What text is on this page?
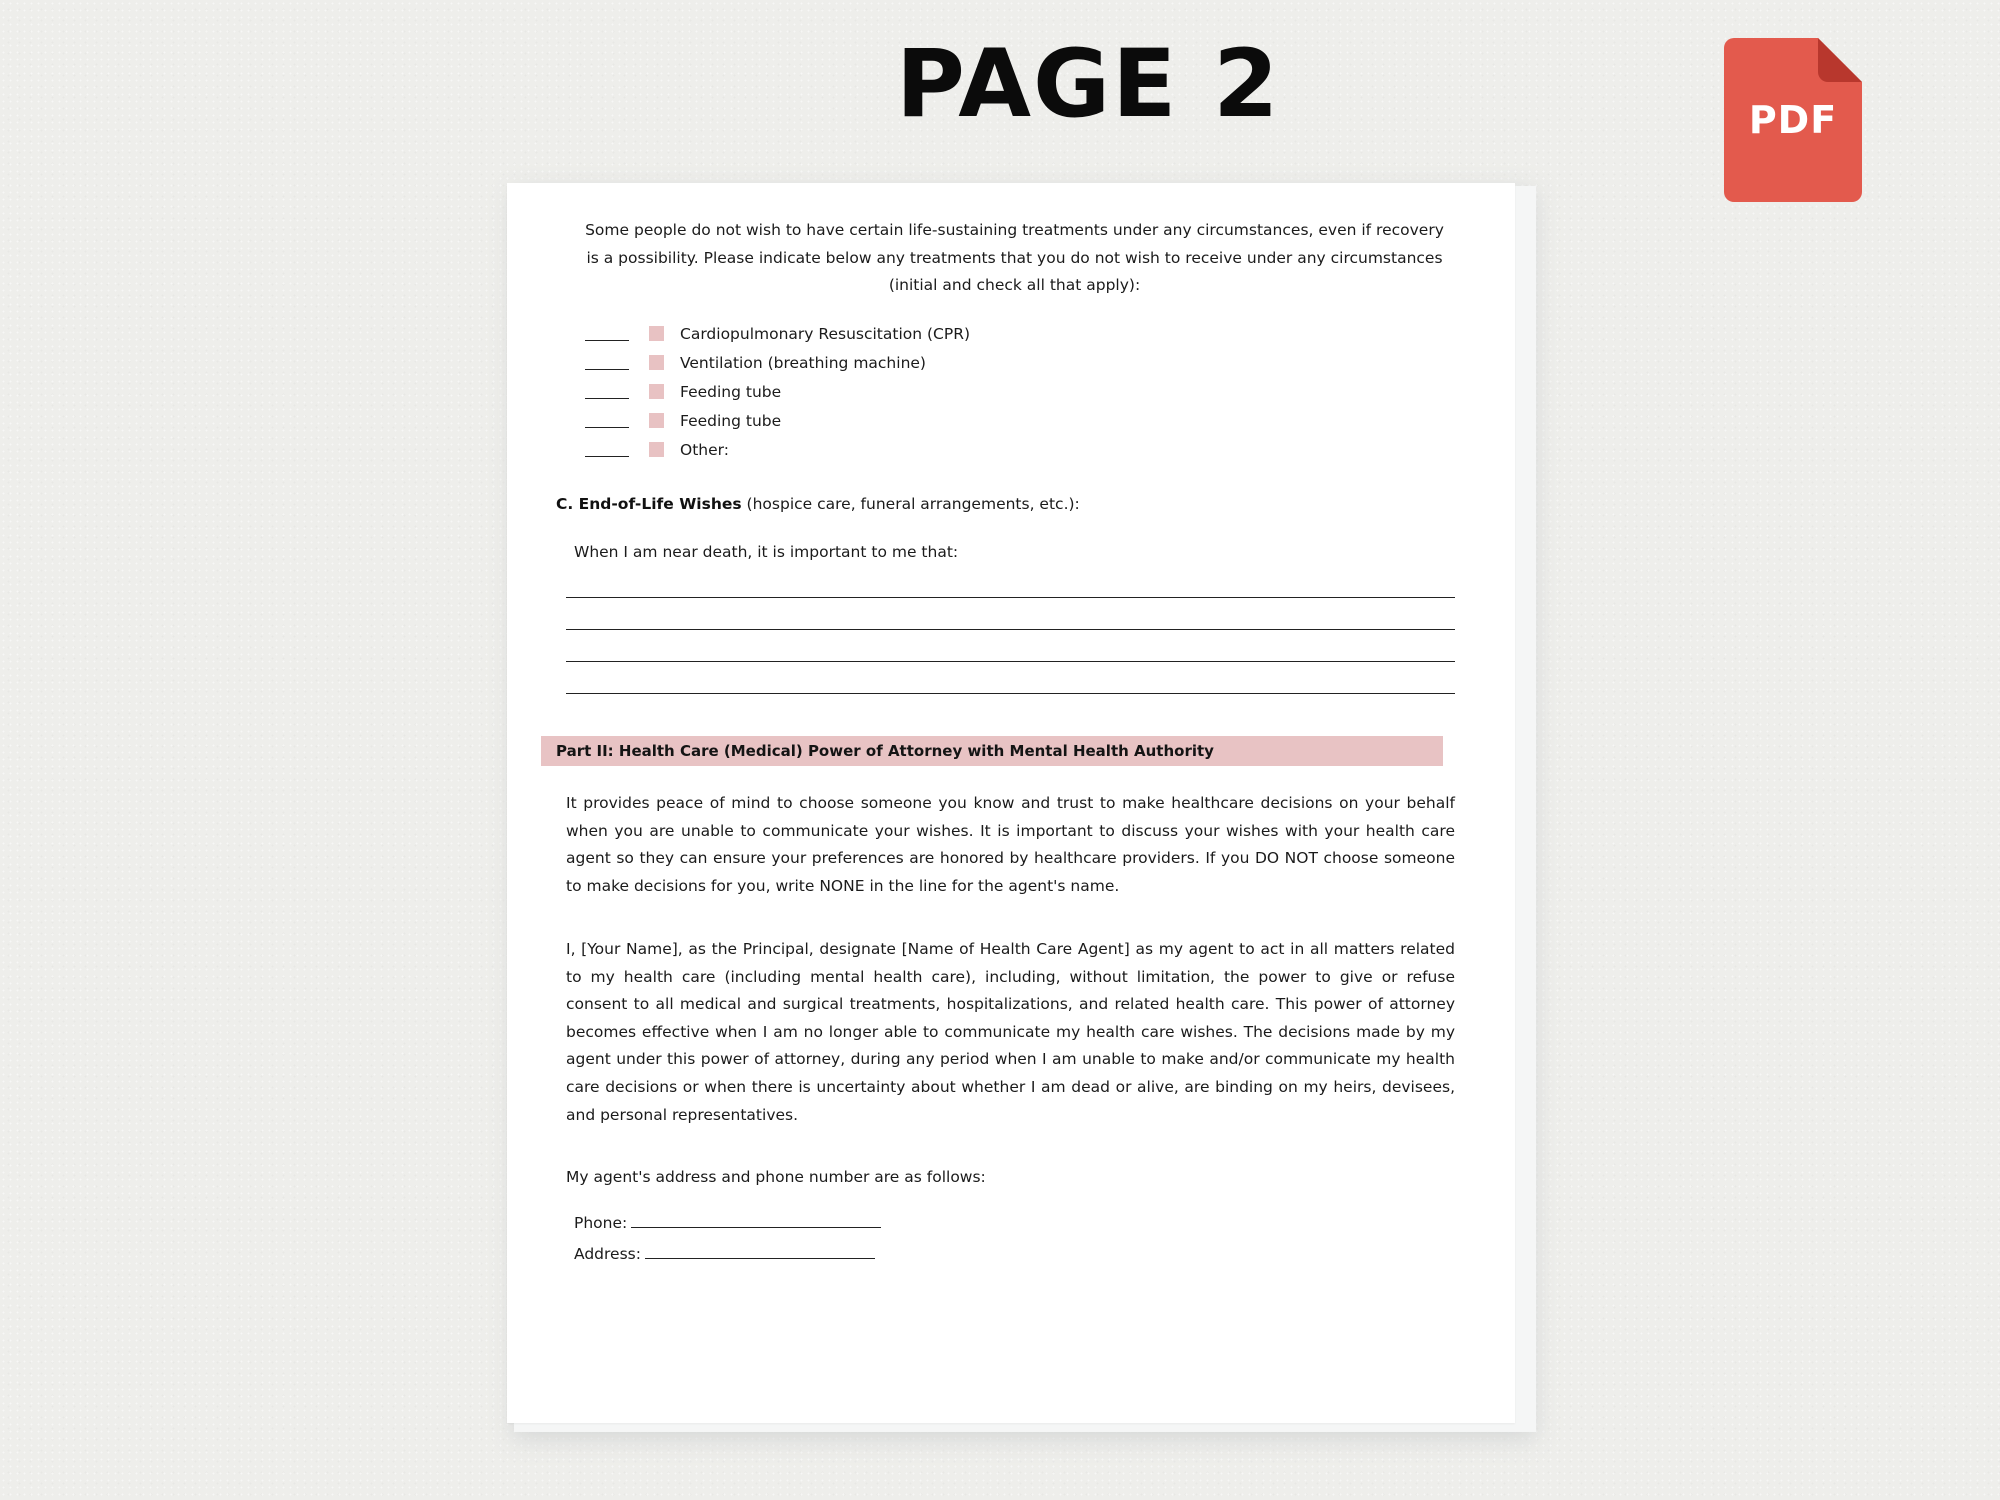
PAGE 2	PDF
Some people do not wish to have certain life-sustaining treatments under any circumstances, even if recovery is a possibility. Please indicate below any treatments that you do not wish to receive under any circumstances (initial and check all that apply):
Cardiopulmonary Resuscitation (CPR)
Ventilation (breathing machine)
Feeding tube
Feeding tube
Other:
C. End-of-Life Wishes (hospice care, funeral arrangements, etc.):
When I am near death, it is important to me that:
Part II: Health Care (Medical) Power of Attorney with Mental Health Authority

It provides peace of mind to choose someone you know and trust to make healthcare decisions on your behalf when you are unable to communicate your wishes. It is important to discuss your wishes with your health care agent so they can ensure your preferences are honored by healthcare providers. If you DO NOT choose someone to make decisions for you, write NONE in the line for the agent's name.

I, [Your Name], as the Principal, designate [Name of Health Care Agent] as my agent to act in all matters related to my health care (including mental health care), including, without limitation, the power to give or refuse consent to all medical and surgical treatments, hospitalizations, and related health care. This power of attorney becomes effective when I am no longer able to communicate my health care wishes. The decisions made by my agent under this power of attorney, during any period when I am unable to make and/or communicate my health care decisions or when there is uncertainty about whether I am dead or alive, are binding on my heirs, devisees, and personal representatives.

My agent's address and phone number are as follows:
Phone:
Address:
